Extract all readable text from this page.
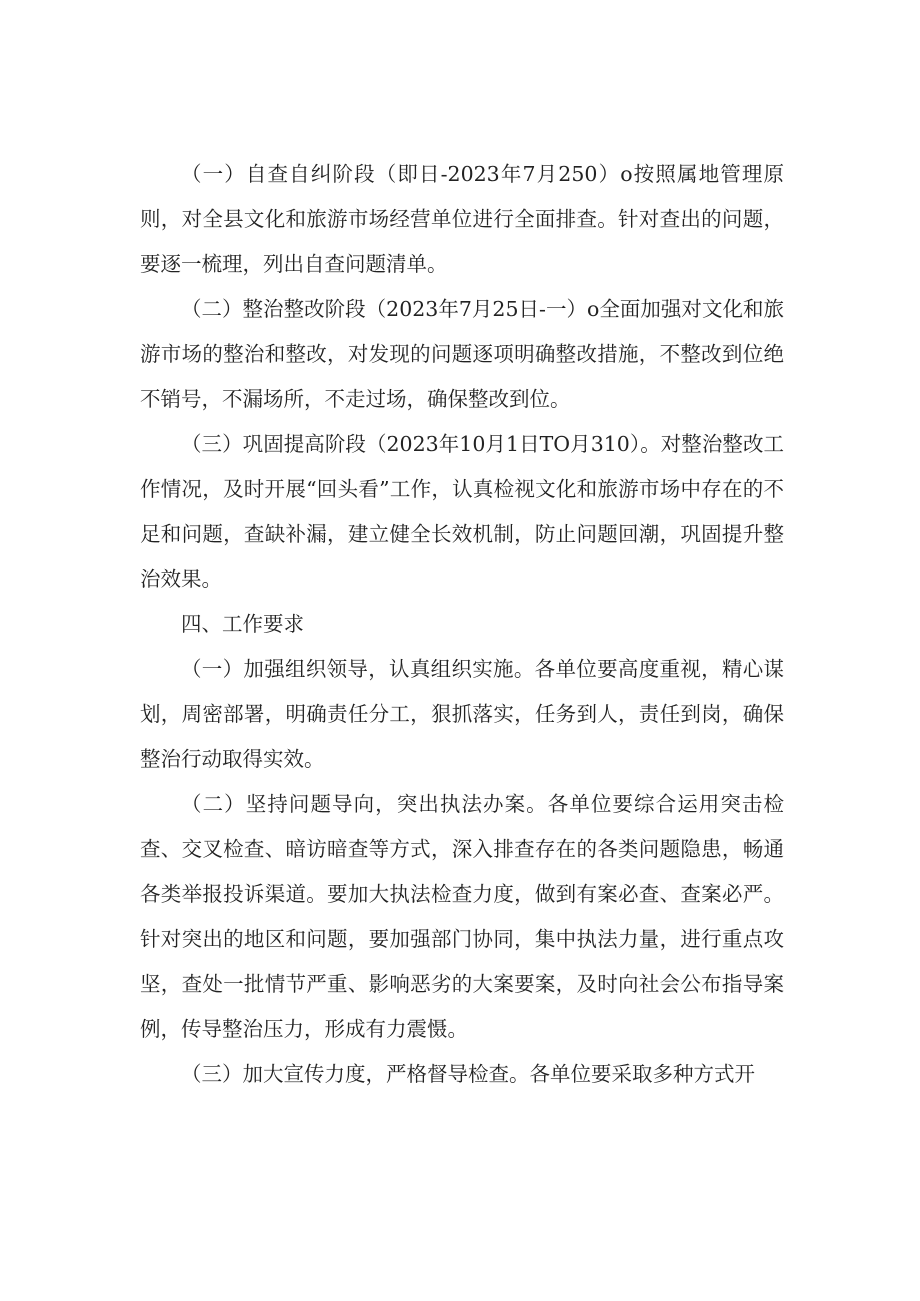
（一）自查自纠阶段（即日-2023年7月250）o按照属地管理原则，对全县文化和旅游市场经营单位进行全面排查。针对查出的问题，要逐一梳理，列出自查问题清单。

（二）整治整改阶段（2023年7月25日-一）o全面加强对文化和旅游市场的整治和整改，对发现的问题逐项明确整改措施，不整改到位绝不销号，不漏场所，不走过场，确保整改到位。

（三）巩固提高阶段（2023年10月1日TO月310）。对整治整改工作情况，及时开展“回头看”工作，认真检视文化和旅游市场中存在的不足和问题，查缺补漏，建立健全长效机制，防止问题回潮，巩固提升整治效果。

四、工作要求

（一）加强组织领导，认真组织实施。各单位要高度重视，精心谋划，周密部署，明确责任分工，狠抓落实，任务到人，责任到岗，确保整治行动取得实效。

（二）坚持问题导向，突出执法办案。各单位要综合运用突击检查、交叉检查、暗访暗查等方式，深入排查存在的各类问题隐患，畅通各类举报投诉渠道。要加大执法检查力度，做到有案必查、查案必严。针对突出的地区和问题，要加强部门协同，集中执法力量，进行重点攻坚，查处一批情节严重、影响恶劣的大案要案，及时向社会公布指导案例，传导整治压力，形成有力震慑。

（三）加大宣传力度，严格督导检查。各单位要采取多种方式开
